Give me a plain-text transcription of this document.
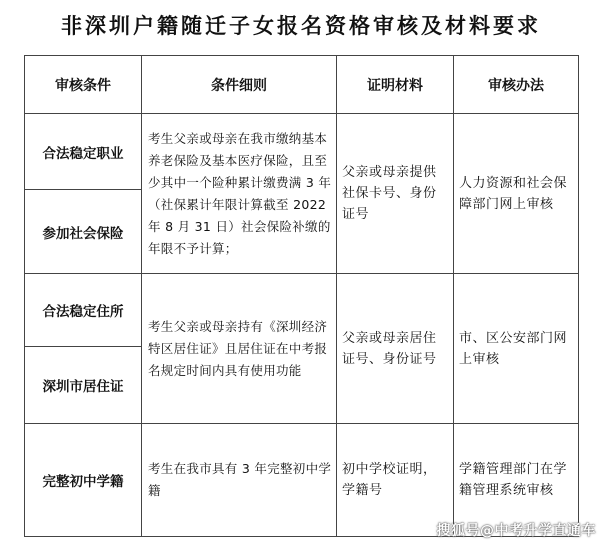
非深圳户籍随迁子女报名资格审核及材料要求
审核条件	条件细则	证明材料	审核办法
合法稳定职业	考生父亲或母亲在我市缴纳基本养老保险及基本医疗保险，且至少其中一个险种累计缴费满 3 年（社保累计年限计算截至 2022 年 8 月 31 日）社会保险补缴的年限不予计算；	父亲或母亲提供社保卡号、身份证号	人力资源和社会保障部门网上审核
参加社会保险			
合法稳定住所	考生父亲或母亲持有《深圳经济特区居住证》且居住证在中考报名规定时间内具有使用功能	父亲或母亲居住证号、身份证号	市、区公安部门网上审核
深圳市居住证			
完整初中学籍	考生在我市具有 3 年完整初中学籍	初中学校证明，学籍号	学籍管理部门在学籍管理系统审核
搜狐号@中考升学直通车
